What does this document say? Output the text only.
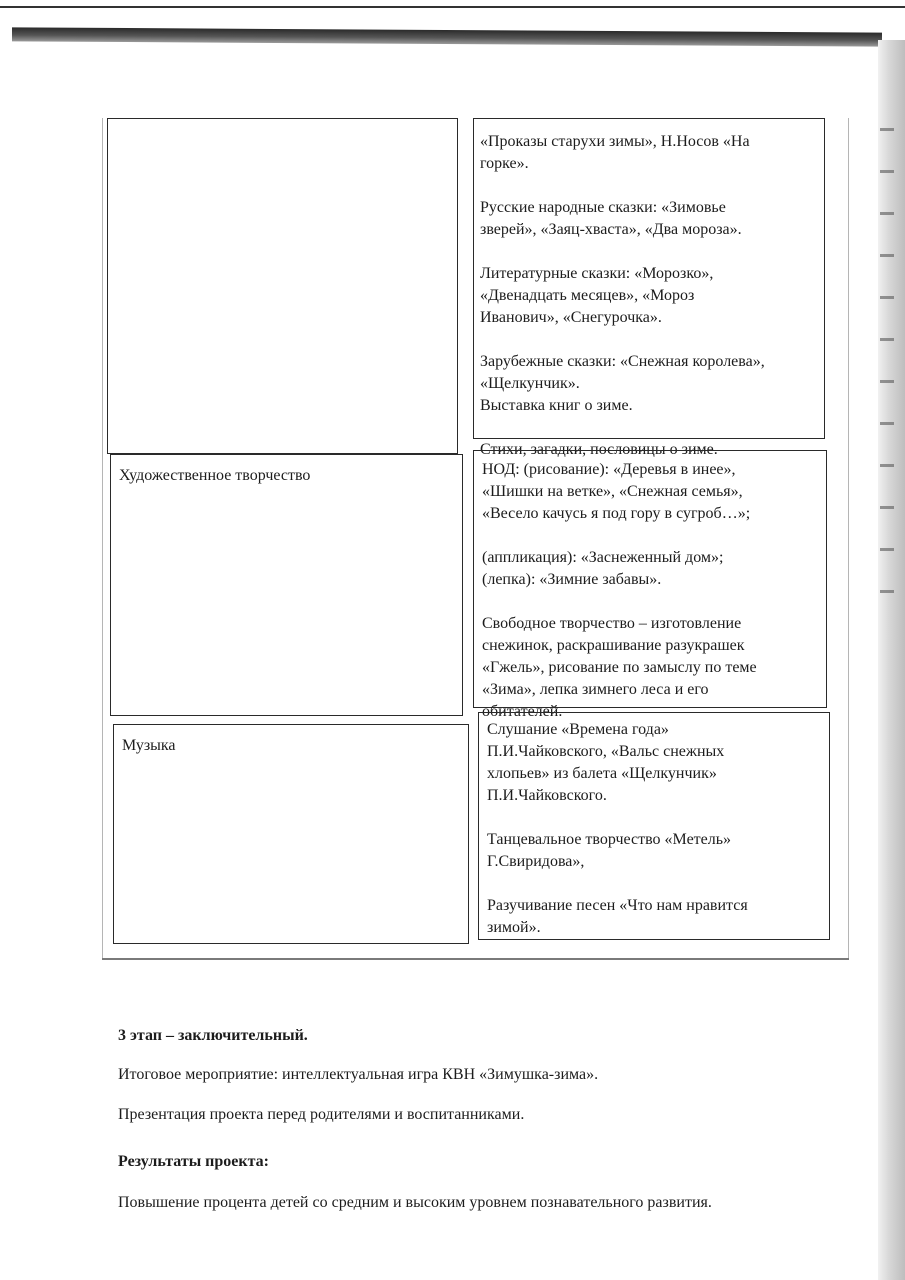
«Проказы старухи зимы», Н.Носов «На
горке».

Русские народные сказки: «Зимовье
зверей», «Заяц-хваста», «Два мороза».

Литературные сказки: «Морозко»,
«Двенадцать месяцев», «Мороз
Иванович», «Снегурочка».

Зарубежные сказки: «Снежная королева»,
«Щелкунчик».
Выставка книг о зиме.

Стихи, загадки, пословицы о зиме.
Художественное творчество	НОД: (рисование): «Деревья в инее»,
«Шишки на ветке», «Снежная семья»,
«Весело качусь я под гору в сугроб…»;

(аппликация): «Заснеженный дом»;
(лепка): «Зимние забавы».

Свободное творчество – изготовление
снежинок, раскрашивание разукрашек
«Гжель», рисование по замыслу по теме
«Зима», лепка зимнего леса и его
обитателей.
Музыка
Слушание «Времена года»
П.И.Чайковского, «Вальс снежных
хлопьев» из балета «Щелкунчик»
П.И.Чайковского.

Танцевальное творчество «Метель»
Г.Свиридова»,

Разучивание песен «Что нам нравится
зимой».
3 этап – заключительный.
Итоговое мероприятие: интеллектуальная игра КВН «Зимушка-зима».
Презентация проекта перед родителями и воспитанниками.
Результаты проекта:
Повышение процента детей со средним и высоким уровнем познавательного развития.
